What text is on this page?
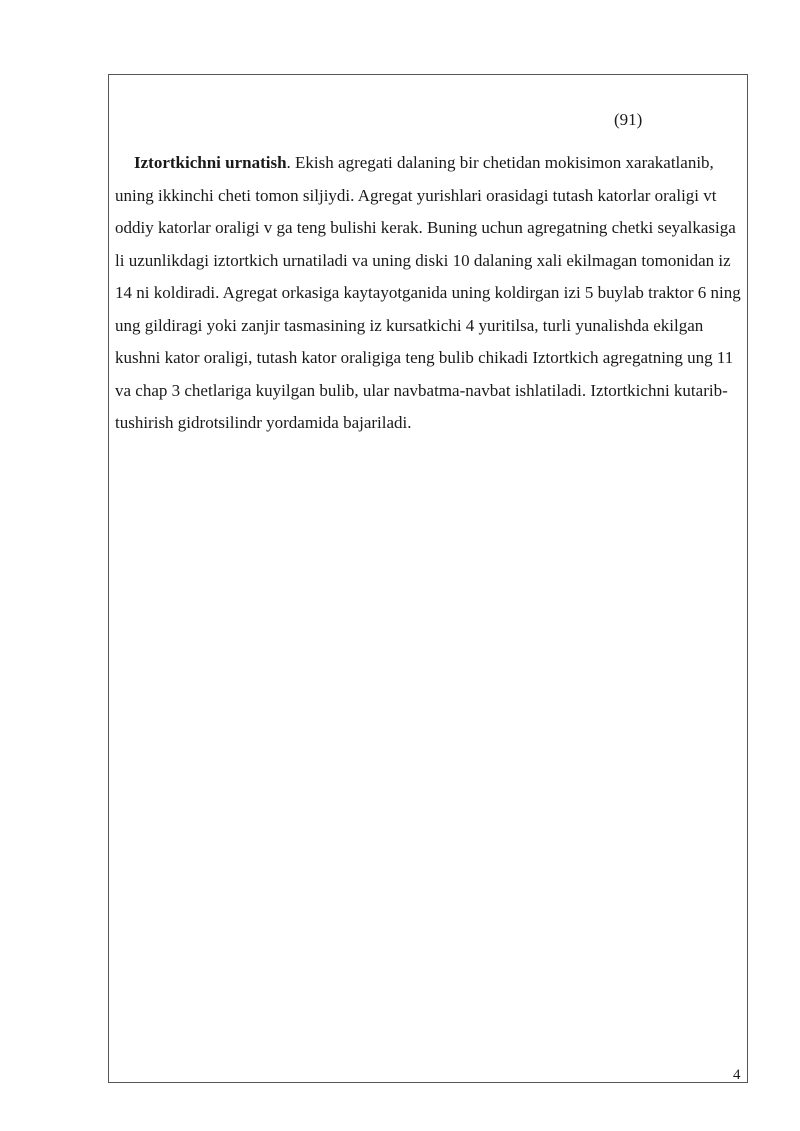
(91)

Iztortkichni urnatish. Ekish agregati dalaning bir chetidan mokisimon xarakatlanib, uning ikkinchi cheti tomon siljiydi. Agregat yurishlari orasidagi tutash katorlar oraligi vt oddiy katorlar oraligi v ga teng bulishi kerak. Buning uchun agregatning chetki seyalkasiga li uzunlikdagi iztortkich urnatiladi va uning diski 10 dalaning xali ekilmagan tomonidan iz 14 ni koldiradi. Agregat orkasiga kaytayotganida uning koldirgan izi 5 buylab traktor 6 ning ung gildiragi yoki zanjir tasmasining iz kursatkichi 4 yuritilsa, turli yunalishda ekilgan kushni kator oraligi, tutash kator oraligiga teng bulib chikadi Iztortkich agregatning ung 11 va chap 3 chetlariga kuyilgan bulib, ular navbatma-navbat ishlatiladi. Iztortkichni kutarib-tushirish gidrotsilindr yordamida bajariladi.

4
